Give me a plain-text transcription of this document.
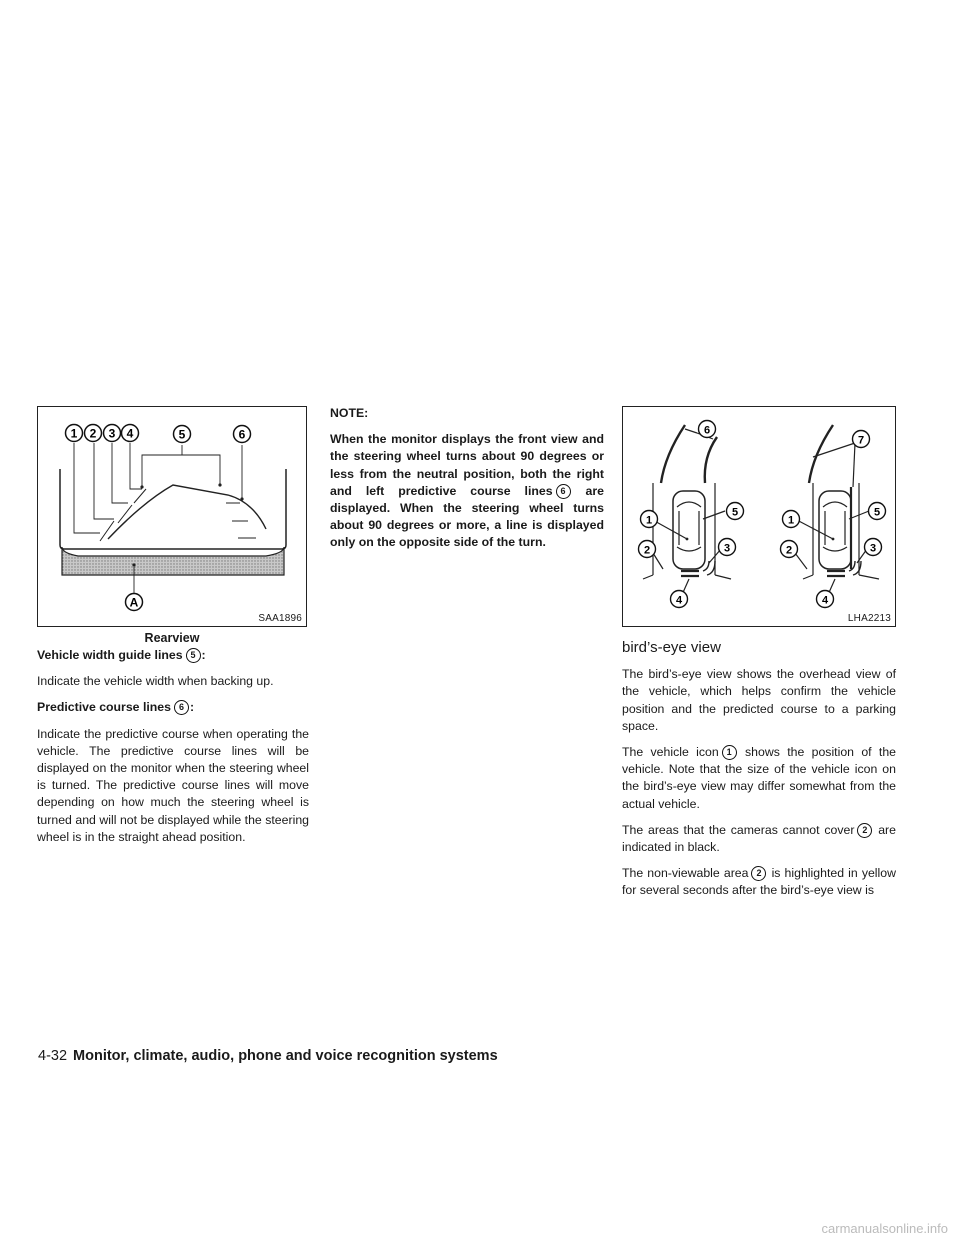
1 2 3 4	5	6
A
SAA1896
Rearview

Vehicle width guide lines 5 :

Indicate the vehicle width when backing up.

Predictive course lines 6 :

Indicate the predictive course when operating the vehicle. The predictive course lines will be displayed on the monitor when the steering wheel is turned. The predictive course lines will move depending on how much the steering wheel is turned and will not be displayed while the steering wheel is in the straight ahead position.

NOTE:

When the monitor displays the front view and the steering wheel turns about 90 degrees or less from the neutral position, both the right and left predictive course lines 6 are displayed. When the steering wheel turns about 90 degrees or more, a line is displayed only on the opposite side of the turn.

6
1
5
2	3
4
7
1
5
2	3
4
LHA2213
bird’s-eye view

The bird’s-eye view shows the overhead view of the vehicle, which helps confirm the vehicle position and the predicted course to a parking space.

The vehicle icon 1 shows the position of the vehicle. Note that the size of the vehicle icon on the bird’s-eye view may differ somewhat from the actual vehicle.

The areas that the cameras cannot cover 2 are indicated in black.

The non-viewable area 2 is highlighted in yellow for several seconds after the bird’s-eye view is

4-32 Monitor, climate, audio, phone and voice recognition systems
carmanualsonline.info
